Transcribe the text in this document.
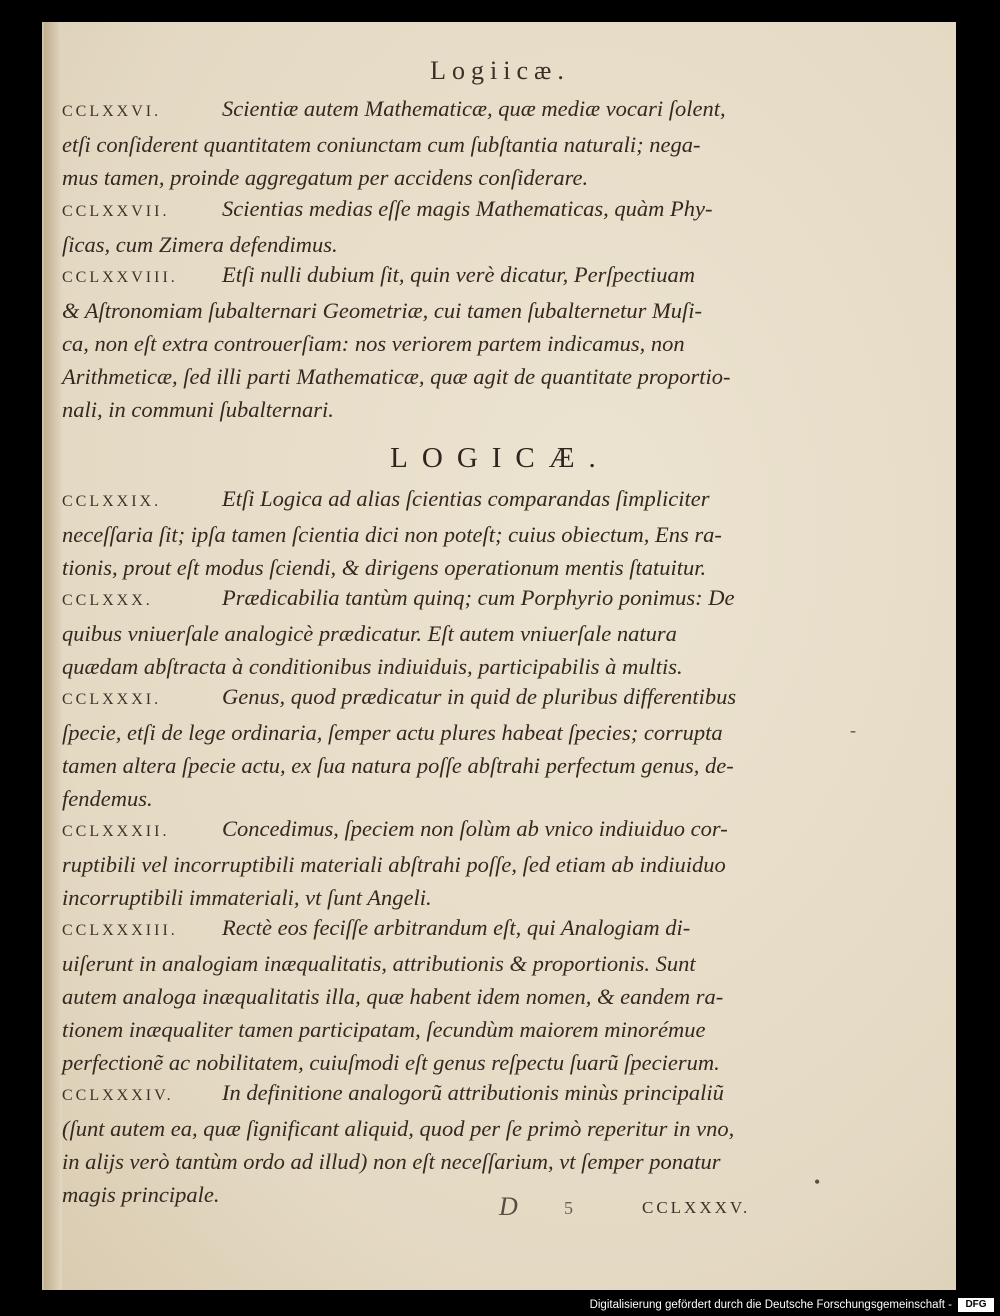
Logiicæ.
CCLXXVI.	Scientiæ autem Mathematicæ, quæ mediæ vocari ſolent,
etſi conſiderent quantitatem coniunctam cum ſubſtantia naturali; nega-
mus tamen, proinde aggregatum per accidens conſiderare.
CCLXXVII. Scientias medias eſſe magis Mathematicas, quàm Phy-
ſicas, cum Zimera defendimus.
CCLXXVIII. Etſi nulli dubium ſit, quin verè dicatur, Perſpectiuam
& Aſtronomiam ſubalternari Geometriæ, cui tamen ſubalternetur Muſi-
ca, non eſt extra controuerſiam: nos veriorem partem indicamus, non
Arithmeticæ, ſed illi parti Mathematicæ, quæ agit de quantitate proportio-
nali, in communi ſubalternari.
LOGICÆ.
CCLXXIX.	Etſi Logica ad alias ſcientias comparandas ſimpliciter
neceſſaria ſit; ipſa tamen ſcientia dici non poteſt; cuius obiectum, Ens ra-
tionis, prout eſt modus ſciendi, & dirigens operationum mentis ſtatuitur.
CCLXXX.	Prædicabilia tantùm quinq; cum Porphyrio ponimus: De
quibus vniuerſale analogicè prædicatur. Eſt autem vniuerſale natura
quædam abſtracta à conditionibus indiuiduis, participabilis à multis.
CCLXXXI.	Genus, quod prædicatur in quid de pluribus differentibus
ſpecie, etſi de lege ordinaria, ſemper actu plures habeat ſpecies; corrupta
tamen altera ſpecie actu, ex ſua natura poſſe abſtrahi perfectum genus, de-
fendemus.
CCLXXXII. Concedimus, ſpeciem non ſolùm ab vnico indiuiduo cor-
ruptibili vel incorruptibili materiali abſtrahi poſſe, ſed etiam ab indiuiduo
incorruptibili immateriali, vt ſunt Angeli.
CCLXXXIII. Rectè eos feciſſe arbitrandum eſt, qui Analogiam di-
uiſerunt in analogiam inæqualitatis, attributionis & proportionis. Sunt
autem analoga inæqualitatis illa, quæ habent idem nomen, & eandem ra-
tionem inæqualiter tamen participatam, ſecundùm maiorem minorémue
perfectionẽ ac nobilitatem, cuiuſmodi eſt genus reſpectu ſuarũ ſpecierum.
CCLXXXIV. In definitione analogorũ attributionis minùs principaliũ
(ſunt autem ea, quæ ſignificant aliquid, quod per ſe primò reperitur in vno,
in alijs verò tantùm ordo ad illud) non eſt neceſſarium, vt ſemper ponatur
magis principale.
-
•
D	5	CCLXXXV.
Digitalisierung gefördert durch die Deutsche Forschungsgemeinschaft -	DFG
